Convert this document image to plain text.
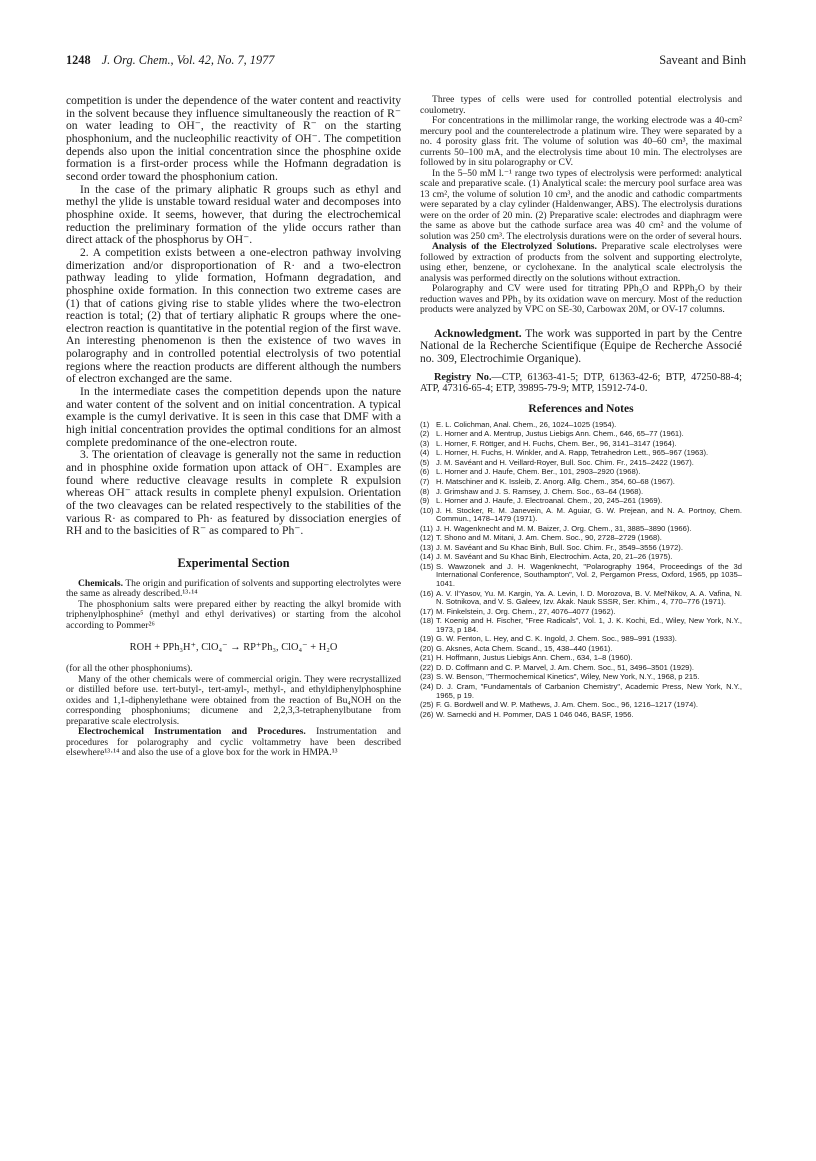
1248 J. Org. Chem., Vol. 42, No. 7, 1977	Saveant and Binh

competition is under the dependence of the water content and reactivity in the solvent because they influence simultaneously the reaction of R⁻ on water leading to OH⁻, the reactivity of R⁻ on the starting phosphonium, and the nucleophilic reactivity of OH⁻. The competition depends also upon the initial concentration since the phosphine oxide formation is a first-order process while the Hofmann degradation is second order toward the phosphonium cation.

In the case of the primary aliphatic R groups such as ethyl and methyl the ylide is unstable toward residual water and decomposes into phosphine oxide. It seems, however, that during the electrochemical reduction the preliminary formation of the ylide occurs rather than direct attack of the phosphorus by OH⁻.

2. A competition exists between a one-electron pathway involving dimerization and/or disproportionation of R· and a two-electron pathway leading to ylide formation, Hofmann degradation, and phosphine oxide formation. In this connection two extreme cases are (1) that of cations giving rise to stable ylides where the two-electron reaction is total; (2) that of tertiary aliphatic R groups where the one-electron reaction is quantitative in the potential region of the first wave. An interesting phenomenon is then the existence of two waves in polarography and in controlled potential electrolysis of two potential regions where the reaction products are different although the numbers of electron exchanged are the same.

In the intermediate cases the competition depends upon the nature and water content of the solvent and on initial concentration. A typical example is the cumyl derivative. It is seen in this case that DMF with a high initial concentration provides the optimal conditions for an almost complete predominance of the one-electron route.

3. The orientation of cleavage is generally not the same in reduction and in phosphine oxide formation upon attack of OH⁻. Examples are found where reductive cleavage results in complete R expulsion whereas OH⁻ attack results in complete phenyl expulsion. Orientation of the two cleavages can be related respectively to the stabilities of the various R· as compared to Ph· as featured by dissociation energies of RH and to the basicities of R⁻ as compared to Ph⁻.

Experimental Section

Chemicals. The origin and purification of solvents and supporting electrolytes were the same as already described.¹³·¹⁴

The phosphonium salts were prepared either by reacting the alkyl bromide with triphenylphosphine⁵ (methyl and ethyl derivatives) or starting from the alcohol according to Pommer²⁶

ROH + PPh₃H⁺, ClO₄⁻ → RP⁺Ph₃, ClO₄⁻ + H₂O

(for all the other phosphoniums).

Many of the other chemicals were of commercial origin. They were recrystallized or distilled before use. tert-butyl-, tert-amyl-, methyl-, and ethyldiphenylphosphine oxides and 1,1-diphenylethane were obtained from the reaction of Bu₄NOH on the corresponding phosphoniums; dicumene and 2,2,3,3-tetraphenylbutane from preparative scale electrolysis.

Electrochemical Instrumentation and Procedures. Instrumentation and procedures for polarography and cyclic voltammetry have been described elsewhere¹³·¹⁴ and also the use of a glove box for the work in HMPA.¹³

Three types of cells were used for controlled potential electrolysis and coulometry.

For concentrations in the millimolar range, the working electrode was a 40-cm² mercury pool and the counterelectrode a platinum wire. They were separated by a no. 4 porosity glass frit. The volume of solution was 40–60 cm³, the maximal currents 50–100 mA, and the electrolysis time about 10 min. The electrolyses are followed by in situ polarography or CV.

In the 5–50 mM l.⁻¹ range two types of electrolysis were performed: analytical scale and preparative scale. (1) Analytical scale: the mercury pool surface area was 13 cm², the volume of solution 10 cm³, and the anodic and cathodic compartments were separated by a clay cylinder (Haldenwanger, ABS). The electrolysis durations were on the order of 20 min. (2) Preparative scale: electrodes and diaphragm were the same as above but the cathode surface area was 40 cm² and the volume of solution was 250 cm³. The electrolysis durations were on the order of several hours.

Analysis of the Electrolyzed Solutions. Preparative scale electrolyses were followed by extraction of products from the solvent and supporting electrolyte, using ether, benzene, or cyclohexane. In the analytical scale electrolysis the analysis was performed directly on the solutions without extraction.

Polarography and CV were used for titrating PPh₃O and RPPh₂O by their reduction waves and PPh₃ by its oxidation wave on mercury. Most of the reduction products were analyzed by VPC on SE-30, Carbowax 20M, or OV-17 columns.

Acknowledgment. The work was supported in part by the Centre National de la Recherche Scientifique (Equipe de Recherche Associé no. 309, Electrochimie Organique).

Registry No.—CTP, 61363-41-5; DTP, 61363-42-6; BTP, 47250-88-4; ATP, 47316-65-4; ETP, 39895-79-9; MTP, 15912-74-0.

References and Notes
(1) E. L. Colichman, Anal. Chem., 26, 1024–1025 (1954).
(2) L. Horner and A. Mentrup, Justus Liebigs Ann. Chem., 646, 65–77 (1961).
(3) L. Horner, F. Röttger, and H. Fuchs, Chem. Ber., 96, 3141–3147 (1964).
(4) L. Horner, H. Fuchs, H. Winkler, and A. Rapp, Tetrahedron Lett., 965–967 (1963).
(5) J. M. Savéant and H. Veillard-Royer, Bull. Soc. Chim. Fr., 2415–2422 (1967).
(6) L. Horner and J. Haufe, Chem. Ber., 101, 2903–2920 (1968).
(7) H. Matschiner and K. Issleib, Z. Anorg. Allg. Chem., 354, 60–68 (1967).
(8) J. Grimshaw and J. S. Ramsey, J. Chem. Soc., 63–64 (1968).
(9) L. Horner and J. Haufe, J. Electroanal. Chem., 20, 245–261 (1969).
(10) J. H. Stocker, R. M. Janevein, A. M. Aguiar, G. W. Prejean, and N. A. Portnoy, Chem. Commun., 1478–1479 (1971).
(11) J. H. Wagenknecht and M. M. Baizer, J. Org. Chem., 31, 3885–3890 (1966).
(12) T. Shono and M. Mitani, J. Am. Chem. Soc., 90, 2728–2729 (1968).
(13) J. M. Savéant and Su Khac Binh, Bull. Soc. Chim. Fr., 3549–3556 (1972).
(14) J. M. Savéant and Su Khac Binh, Electrochim. Acta, 20, 21–26 (1975).
(15) S. Wawzonek and J. H. Wagenknecht, "Polarography 1964, Proceedings of the 3d International Conference, Southampton", Vol. 2, Pergamon Press, Oxford, 1965, pp 1035–1041.
(16) A. V. Il'Yasov, Yu. M. Kargin, Ya. A. Levin, I. D. Morozova, B. V. Mel'Nikov, A. A. Vafina, N. N. Sotnikova, and V. S. Galeev, Izv. Akak. Nauk SSSR, Ser. Khim., 4, 770–776 (1971).
(17) M. Finkelstein, J. Org. Chem., 27, 4076–4077 (1962).
(18) T. Koenig and H. Fischer, "Free Radicals", Vol. 1, J. K. Kochi, Ed., Wiley, New York, N.Y., 1973, p 184.
(19) G. W. Fenton, L. Hey, and C. K. Ingold, J. Chem. Soc., 989–991 (1933).
(20) G. Aksnes, Acta Chem. Scand., 15, 438–440 (1961).
(21) H. Hoffmann, Justus Liebigs Ann. Chem., 634, 1–8 (1960).
(22) D. D. Coffmann and C. P. Marvel, J. Am. Chem. Soc., 51, 3496–3501 (1929).
(23) S. W. Benson, "Thermochemical Kinetics", Wiley, New York, N.Y., 1968, p 215.
(24) D. J. Cram, "Fundamentals of Carbanion Chemistry", Academic Press, New York, N.Y., 1965, p 19.
(25) F. G. Bordwell and W. P. Mathews, J. Am. Chem. Soc., 96, 1216–1217 (1974).
(26) W. Sarnecki and H. Pommer, DAS 1 046 046, BASF, 1956.
